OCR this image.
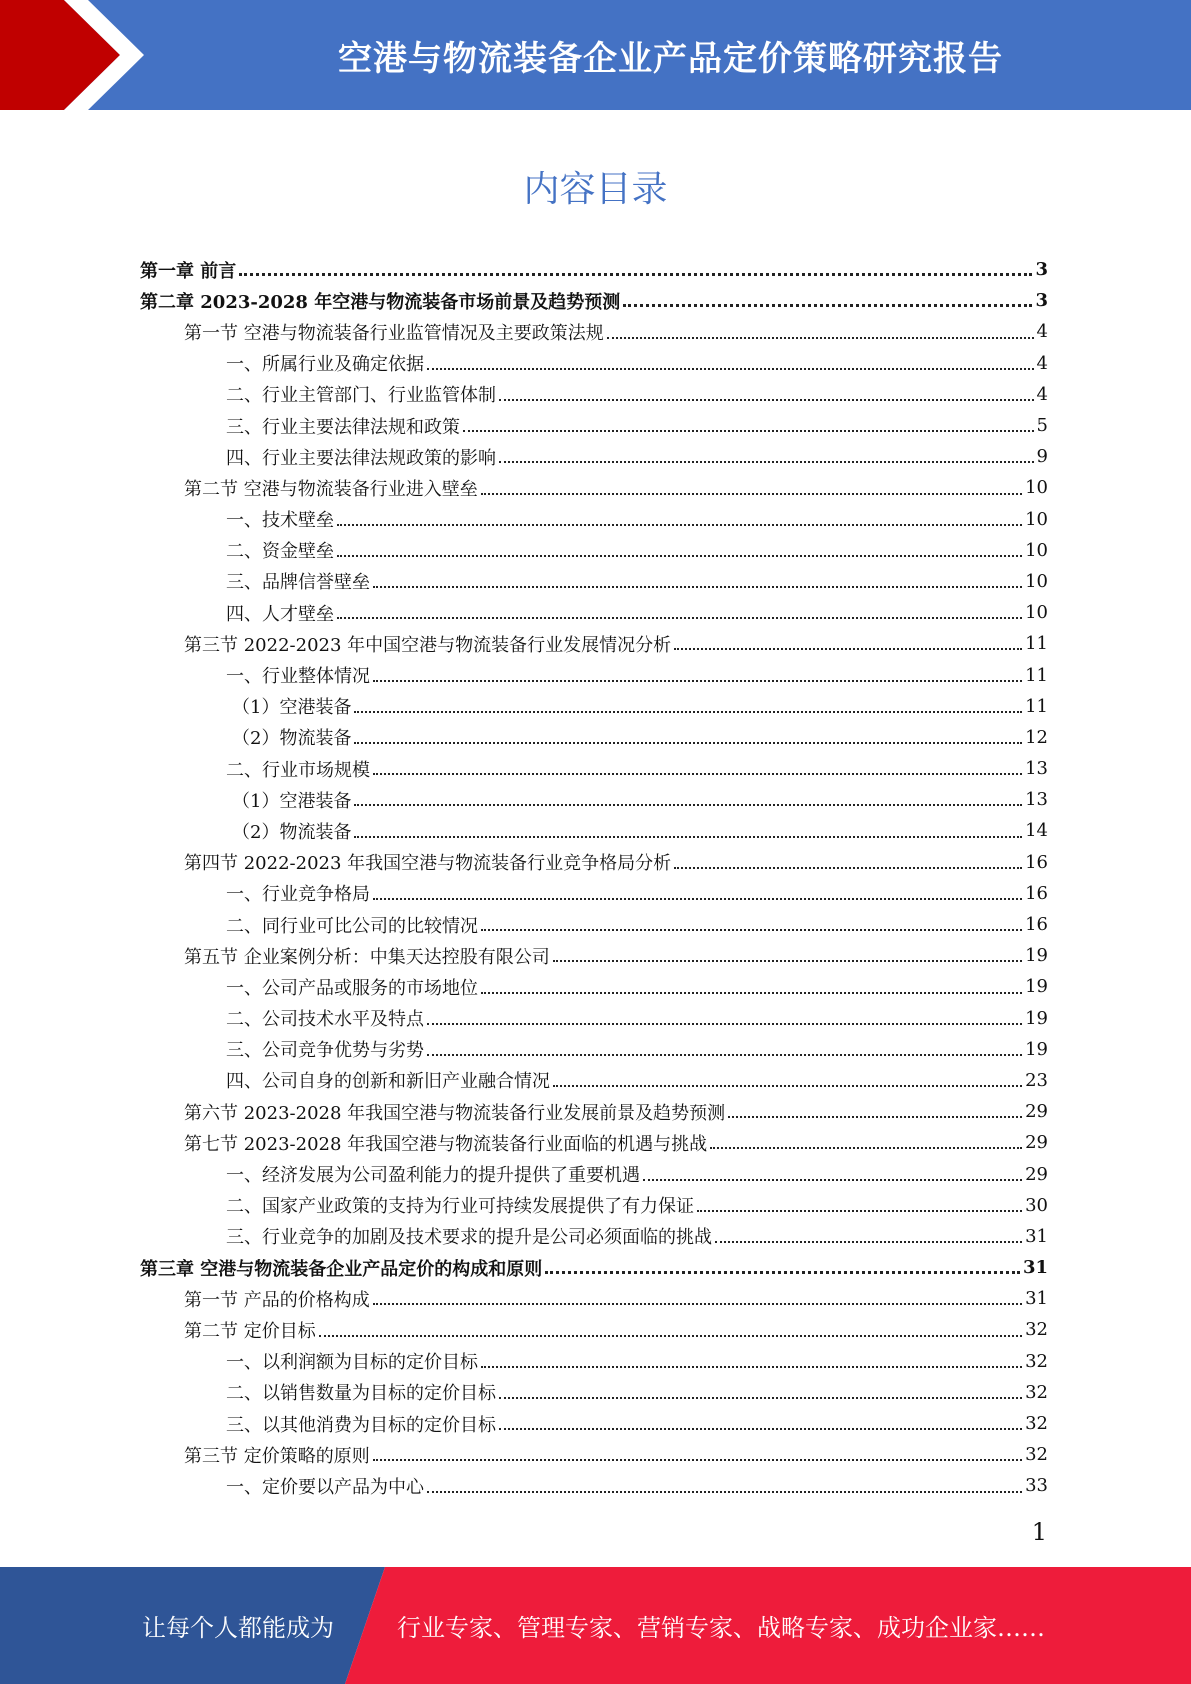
空港与物流装备企业产品定价策略研究报告
内容目录
第一章 前言	3
第二章 2023-2028 年空港与物流装备市场前景及趋势预测	3
第一节 空港与物流装备行业监管情况及主要政策法规	4
一、所属行业及确定依据	4
二、行业主管部门、行业监管体制	4
三、行业主要法律法规和政策	5
四、行业主要法律法规政策的影响	9
第二节 空港与物流装备行业进入壁垒	10
一、技术壁垒	10
二、资金壁垒	10
三、品牌信誉壁垒	10
四、人才壁垒	10
第三节 2022-2023 年中国空港与物流装备行业发展情况分析	11
一、行业整体情况	11
（1）空港装备	11
（2）物流装备	12
二、行业市场规模	13
（1）空港装备	13
（2）物流装备	14
第四节 2022-2023 年我国空港与物流装备行业竞争格局分析	16
一、行业竞争格局	16
二、同行业可比公司的比较情况	16
第五节 企业案例分析：中集天达控股有限公司	19
一、公司产品或服务的市场地位	19
二、公司技术水平及特点	19
三、公司竞争优势与劣势	19
四、公司自身的创新和新旧产业融合情况	23
第六节 2023-2028 年我国空港与物流装备行业发展前景及趋势预测	29
第七节 2023-2028 年我国空港与物流装备行业面临的机遇与挑战	29
一、经济发展为公司盈利能力的提升提供了重要机遇	29
二、国家产业政策的支持为行业可持续发展提供了有力保证	30
三、行业竞争的加剧及技术要求的提升是公司必须面临的挑战	31
第三章 空港与物流装备企业产品定价的构成和原则	31
第一节 产品的价格构成	31
第二节 定价目标	32
一、以利润额为目标的定价目标	32
二、以销售数量为目标的定价目标	32
三、以其他消费为目标的定价目标	32
第三节 定价策略的原则	32
一、定价要以产品为中心	33
1
让每个人都能成为	行业专家、管理专家、营销专家、战略专家、成功企业家……
